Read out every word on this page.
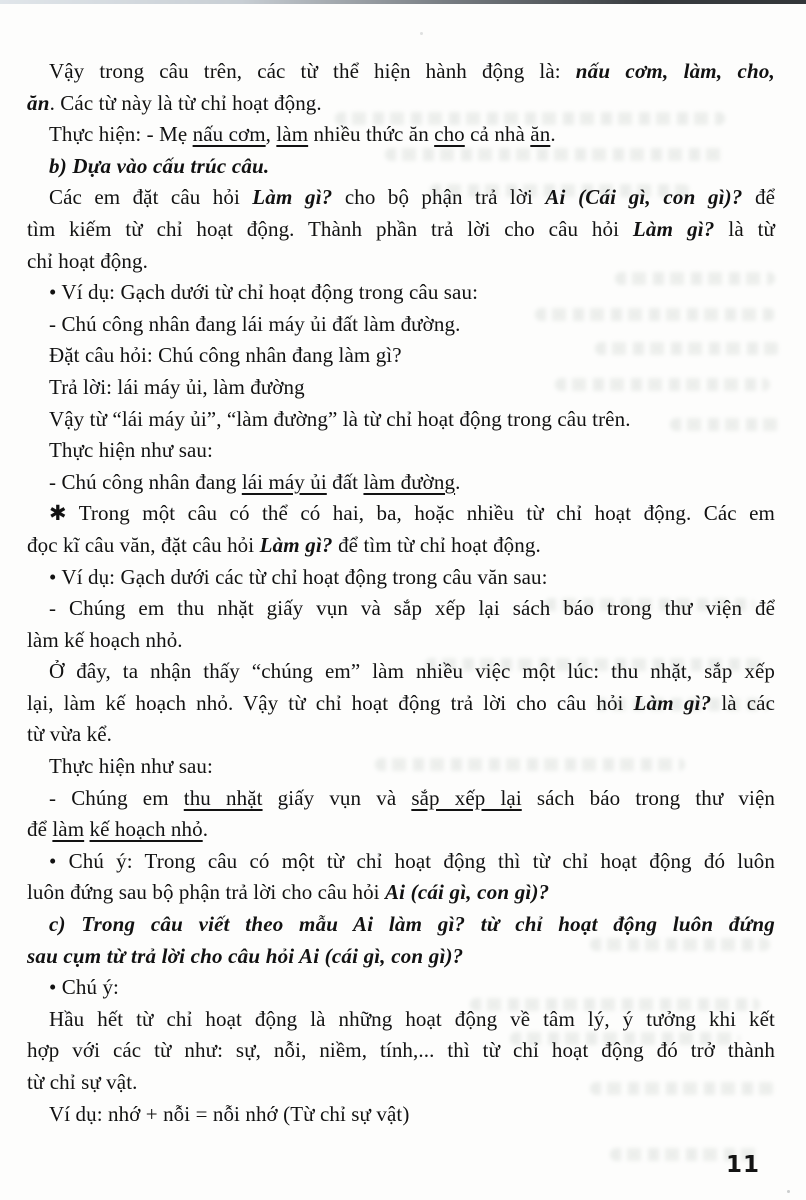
Vậy trong câu trên, các từ thể hiện hành động là: nấu cơm, làm, cho,
ăn. Các từ này là từ chỉ hoạt động.
Thực hiện: - Mẹ nấu cơm, làm nhiều thức ăn cho cả nhà ăn.
b) Dựa vào cấu trúc câu.
Các em đặt câu hỏi Làm gì? cho bộ phận trả lời Ai (Cái gì, con gì)? để
tìm kiếm từ chỉ hoạt động. Thành phần trả lời cho câu hỏi Làm gì? là từ
chỉ hoạt động.
• Ví dụ: Gạch dưới từ chỉ hoạt động trong câu sau:
- Chú công nhân đang lái máy ủi đất làm đường.
Đặt câu hỏi: Chú công nhân đang làm gì?
Trả lời: lái máy ủi, làm đường
Vậy từ “lái máy ủi”, “làm đường” là từ chỉ hoạt động trong câu trên.
Thực hiện như sau:
- Chú công nhân đang lái máy ủi đất làm đường.
✱ Trong một câu có thể có hai, ba, hoặc nhiều từ chỉ hoạt động. Các em
đọc kĩ câu văn, đặt câu hỏi Làm gì? để tìm từ chỉ hoạt động.
• Ví dụ: Gạch dưới các từ chỉ hoạt động trong câu văn sau:
- Chúng em thu nhặt giấy vụn và sắp xếp lại sách báo trong thư viện để
làm kế hoạch nhỏ.
Ở đây, ta nhận thấy “chúng em” làm nhiều việc một lúc: thu nhặt, sắp xếp
lại, làm kế hoạch nhỏ. Vậy từ chỉ hoạt động trả lời cho câu hỏi Làm gì? là các
từ vừa kể.
Thực hiện như sau:
- Chúng em thu nhặt giấy vụn và sắp xếp lại sách báo trong thư viện
để làm kế hoạch nhỏ.
• Chú ý: Trong câu có một từ chỉ hoạt động thì từ chỉ hoạt động đó luôn
luôn đứng sau bộ phận trả lời cho câu hỏi Ai (cái gì, con gì)?
c) Trong câu viết theo mẫu Ai làm gì? từ chỉ hoạt động luôn đứng
sau cụm từ trả lời cho câu hỏi Ai (cái gì, con gì)?
• Chú ý:
Hầu hết từ chỉ hoạt động là những hoạt động về tâm lý, ý tưởng khi kết
hợp với các từ như: sự, nỗi, niềm, tính,... thì từ chỉ hoạt động đó trở thành
từ chỉ sự vật.
Ví dụ: nhớ + nỗi = nỗi nhớ (Từ chỉ sự vật)
11
